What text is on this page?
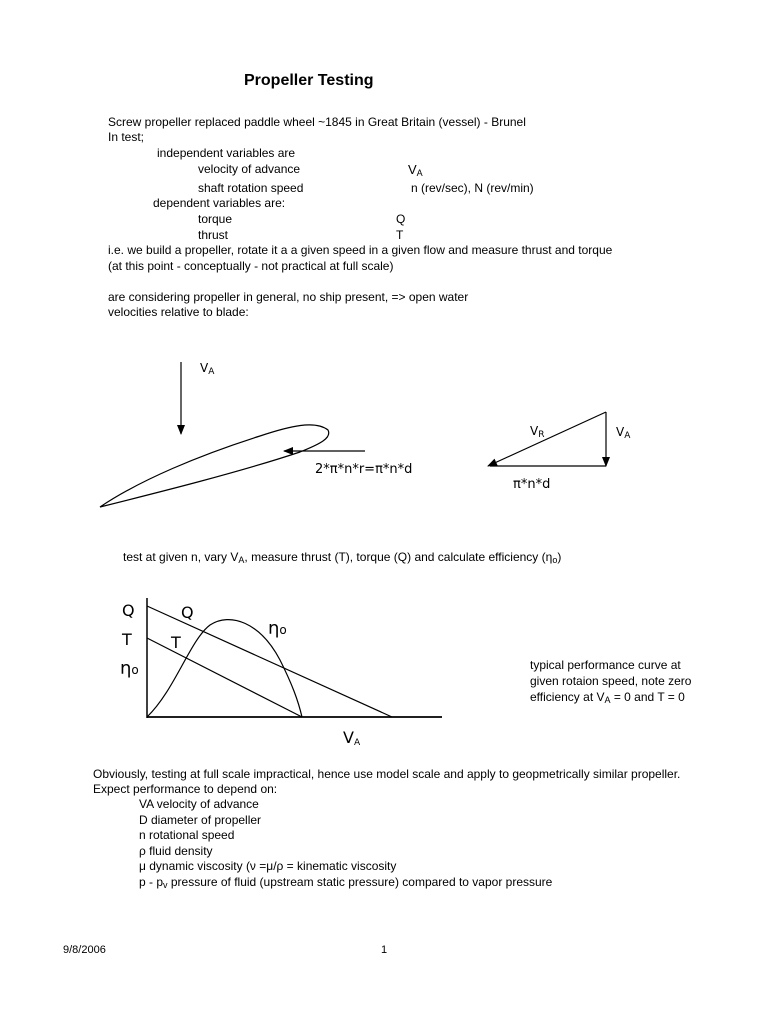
Propeller Testing
Screw propeller replaced paddle wheel ~1845 in Great Britain (vessel) - Brunel
In test;
independent variables are
velocity of advance	$V_A$
shaft rotation speed	n (rev/sec), N (rev/min)
dependent variables are:
torque	Q
thrust	T
i.e. we build a propeller, rotate it a a given speed in a given flow and measure thrust and torque
(at this point - conceptually - not practical at full scale)
are considering propeller in general, no ship present, => open water
velocities relative to blade:
$V_A$
2*π*n*r=π*n*d
$V_R$	$V_A$
π*n*d
test at given n, vary $V_A$, measure thrust (T), torque (Q) and calculate efficiency $(\eta_o)$
Q
T
ηo
Q
T
ηo
$V_A$
typical performance curve at
given rotaion speed, note zero
efficiency at $V_A = 0$ and T = 0
Obviously, testing at full scale impractical, hence use model scale and apply to geopmetrically similar propeller.
Expect performance to depend on:
VA velocity of advance
D diameter of propeller
n rotational speed
ρ fluid density
μ dynamic viscosity (ν =μ/ρ = kinematic viscosity
p - $p_v$ pressure of fluid (upstream static pressure) compared to vapor pressure
9/8/2006	1
